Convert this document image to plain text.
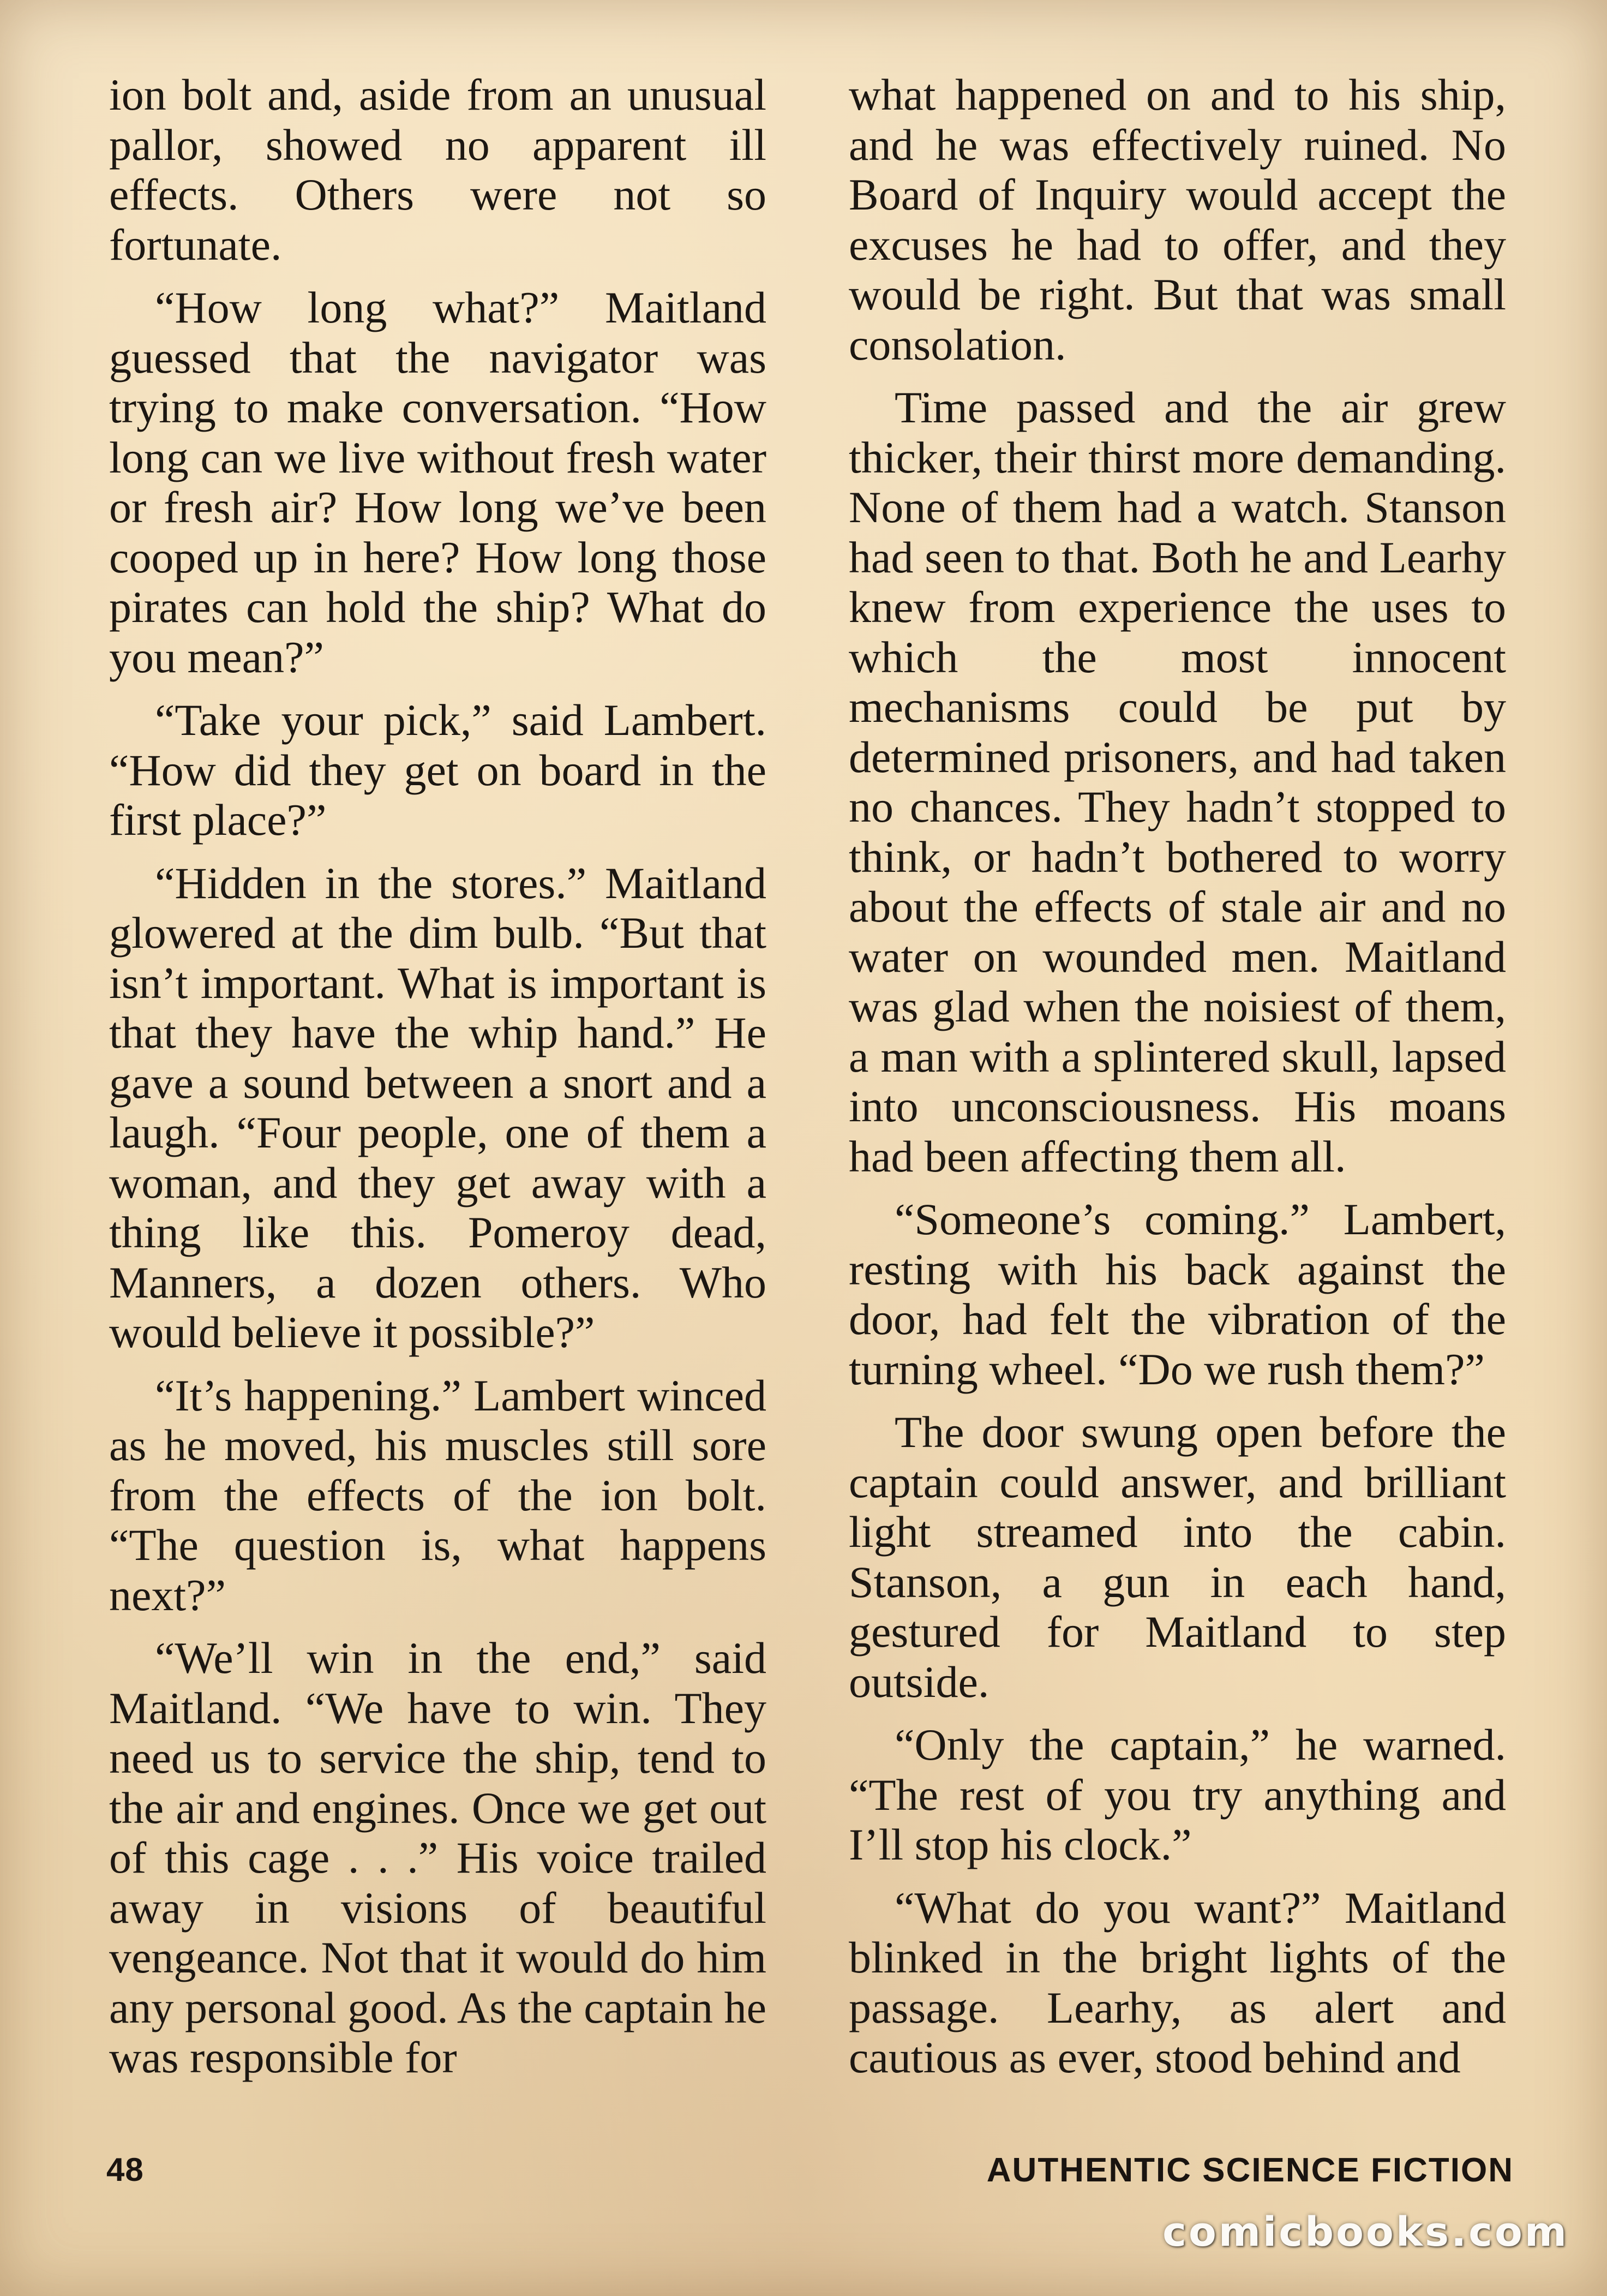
ion bolt and, aside from an unusual pallor, showed no apparent ill effects. Others were not so fortunate.

“How long what?” Maitland guessed that the navigator was trying to make conversation. “How long can we live without fresh water or fresh air? How long we’ve been cooped up in here? How long those pirates can hold the ship? What do you mean?”

“Take your pick,” said Lambert. “How did they get on board in the first place?”

“Hidden in the stores.” Maitland glowered at the dim bulb. “But that isn’t important. What is important is that they have the whip hand.” He gave a sound between a snort and a laugh. “Four people, one of them a woman, and they get away with a thing like this. Pomeroy dead, Manners, a dozen others. Who would believe it possible?”

“It’s happening.” Lambert winced as he moved, his muscles still sore from the effects of the ion bolt. “The question is, what happens next?”

“We’ll win in the end,” said Maitland. “We have to win. They need us to service the ship, tend to the air and engines. Once we get out of this cage . . .” His voice trailed away in visions of beautiful vengeance. Not that it would do him any personal good. As the captain he was responsible for

what happened on and to his ship, and he was effectively ruined. No Board of Inquiry would accept the excuses he had to offer, and they would be right. But that was small consolation.

Time passed and the air grew thicker, their thirst more demanding. None of them had a watch. Stanson had seen to that. Both he and Learhy knew from experience the uses to which the most innocent mechanisms could be put by determined prisoners, and had taken no chances. They hadn’t stopped to think, or hadn’t bothered to worry about the effects of stale air and no water on wounded men. Maitland was glad when the noisiest of them, a man with a splintered skull, lapsed into unconsciousness. His moans had been affecting them all.

“Someone’s coming.” Lambert, resting with his back against the door, had felt the vibration of the turning wheel. “Do we rush them?”

The door swung open before the captain could answer, and brilliant light streamed into the cabin. Stanson, a gun in each hand, gestured for Maitland to step outside.

“Only the captain,” he warned. “The rest of you try anything and I’ll stop his clock.”

“What do you want?” Maitland blinked in the bright lights of the passage. Learhy, as alert and cautious as ever, stood behind and

48	AUTHENTIC SCIENCE FICTION
comicbooks.com
